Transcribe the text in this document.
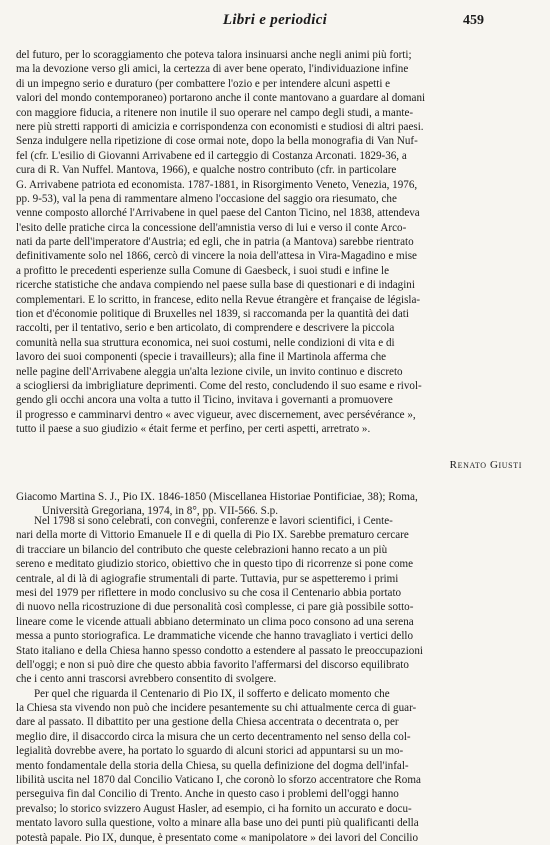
Libri e periodici	459
del futuro, per lo scoraggiamento che poteva talora insinuarsi anche negli animi più forti;
ma la devozione verso gli amici, la certezza di aver bene operato, l'individuazione infine
di un impegno serio e duraturo (per combattere l'ozio e per intendere alcuni aspetti e
valori del mondo contemporaneo) portarono anche il conte mantovano a guardare al domani
con maggiore fiducia, a ritenere non inutile il suo operare nel campo degli studi, a mante-
nere più stretti rapporti di amicizia e corrispondenza con economisti e studiosi di altri paesi.
Senza indulgere nella ripetizione di cose ormai note, dopo la bella monografia di Van Nuf-
fel (cfr. L'esilio di Giovanni Arrivabene ed il carteggio di Costanza Arconati. 1829-36, a
cura di R. Van Nuffel. Mantova, 1966), e qualche nostro contributo (cfr. in particolare
G. Arrivabene patriota ed economista. 1787-1881, in Risorgimento Veneto, Venezia, 1976,
pp. 9-53), val la pena di rammentare almeno l'occasione del saggio ora riesumato, che
venne composto allorché l'Arrivabene in quel paese del Canton Ticino, nel 1838, attendeva
l'esito delle pratiche circa la concessione dell'amnistia verso di lui e verso il conte Arco-
nati da parte dell'imperatore d'Austria; ed egli, che in patria (a Mantova) sarebbe rientrato
definitivamente solo nel 1866, cercò di vincere la noia dell'attesa in Vira-Magadino e mise
a profitto le precedenti esperienze sulla Comune di Gaesbeck, i suoi studi e infine le
ricerche statistiche che andava compiendo nel paese sulla base di questionari e di indagini
complementari. E lo scritto, in francese, edito nella Revue étrangère et française de législa-
tion et d'économie politique di Bruxelles nel 1839, si raccomanda per la quantità dei dati
raccolti, per il tentativo, serio e ben articolato, di comprendere e descrivere la piccola
comunità nella sua struttura economica, nei suoi costumi, nelle condizioni di vita e di
lavoro dei suoi componenti (specie i travailleurs); alla fine il Martinola afferma che
nelle pagine dell'Arrivabene aleggia un'alta lezione civile, un invito continuo e discreto
a sciogliersi da imbrigliature deprimenti. Come del resto, concludendo il suo esame e rivol-
gendo gli occhi ancora una volta a tutto il Ticino, invitava i governanti a promuovere
il progresso e camminarvi dentro « avec vigueur, avec discernement, avec persévérance »,
tutto il paese a suo giudizio « était ferme et perfino, per certi aspetti, arretrato ».
Renato Giusti
Giacomo Martina S. J., Pio IX. 1846-1850 (Miscellanea Historiae Pontificiae, 38); Roma,
Università Gregoriana, 1974, in 8°, pp. VII-566. S.p.
Nel 1798 si sono celebrati, con convegni, conferenze e lavori scientifici, i Cente-
nari della morte di Vittorio Emanuele II e di quella di Pio IX. Sarebbe prematuro cercare
di tracciare un bilancio del contributo che queste celebrazioni hanno recato a un più
sereno e meditato giudizio storico, obiettivo che in questo tipo di ricorrenze si pone come
centrale, al di là di agiografie strumentali di parte. Tuttavia, pur se aspetteremo i primi
mesi del 1979 per riflettere in modo conclusivo su che cosa il Centenario abbia portato
di nuovo nella ricostruzione di due personalità così complesse, ci pare già possibile sotto-
lineare come le vicende attuali abbiano determinato un clima poco consono ad una serena
messa a punto storiografica. Le drammatiche vicende che hanno travagliato i vertici dello
Stato italiano e della Chiesa hanno spesso condotto a estendere al passato le preoccupazioni
dell'oggi; e non si può dire che questo abbia favorito l'affermarsi del discorso equilibrato
che i cento anni trascorsi avrebbero consentito di svolgere.
Per quel che riguarda il Centenario di Pio IX, il sofferto e delicato momento che
la Chiesa sta vivendo non può che incidere pesantemente su chi attualmente cerca di guar-
dare al passato. Il dibattito per una gestione della Chiesa accentrata o decentrata o, per
meglio dire, il disaccordo circa la misura che un certo decentramento nel senso della col-
legialità dovrebbe avere, ha portato lo sguardo di alcuni storici ad appuntarsi su un mo-
mento fondamentale della storia della Chiesa, su quella definizione del dogma dell'infal-
libilità uscita nel 1870 dal Concilio Vaticano I, che coronò lo sforzo accentratore che Roma
perseguiva fin dal Concilio di Trento. Anche in questo caso i problemi dell'oggi hanno
prevalso; lo storico svizzero August Hasler, ad esempio, ci ha fornito un accurato e docu-
mentato lavoro sulla questione, volto a minare alla base uno dei punti più qualificanti della
potestà papale. Pio IX, dunque, è presentato come « manipolatore » dei lavori del Concilio
